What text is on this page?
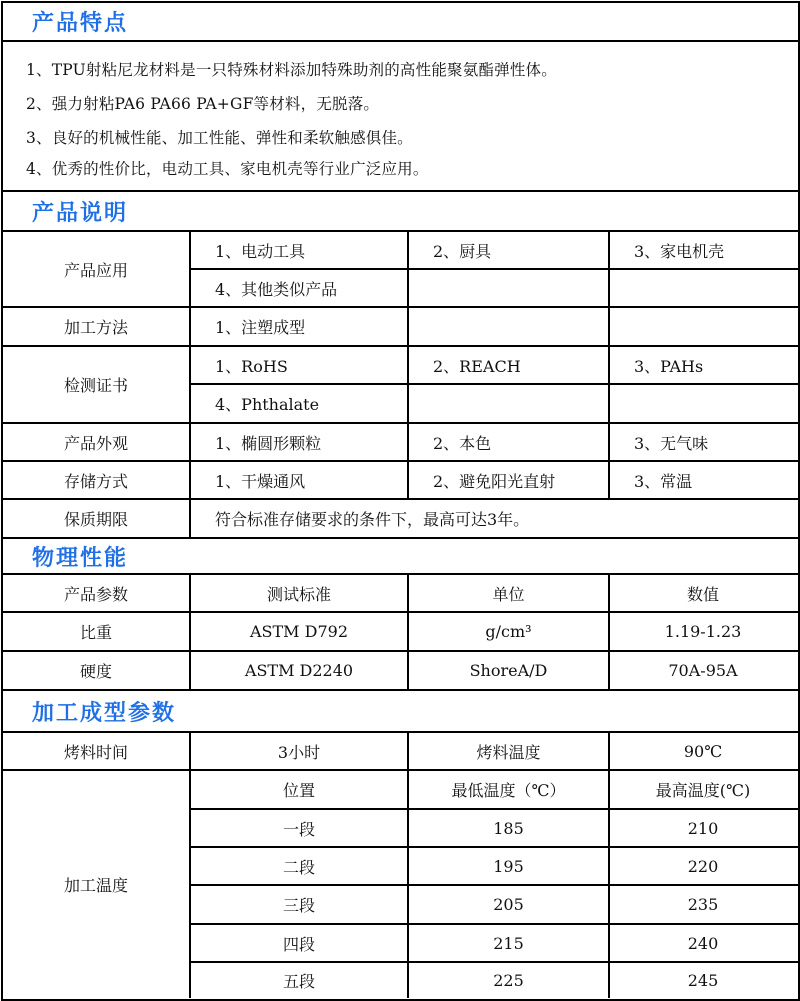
产品特点
1、TPU射粘尼龙材料是一只特殊材料添加特殊助剂的高性能聚氨酯弹性体。
2、强力射粘PA6 PA66 PA+GF等材料，无脱落。
3、良好的机械性能、加工性能、弹性和柔软触感俱佳。
4、优秀的性价比，电动工具、家电机壳等行业广泛应用。
产品说明
产品应用
1、电动工具	2、厨具	3、家电机壳
4、其他类似产品
加工方法	1、注塑成型
检测证书
1、RoHS	2、REACH	3、PAHs
4、Phthalate
产品外观	1、椭圆形颗粒	2、本色	3、无气味
存储方式	1、干燥通风	2、避免阳光直射	3、常温
保质期限	符合标准存储要求的条件下，最高可达3年。
物理性能
产品参数	测试标准	单位	数值
比重	ASTM D792	g/cm³	1.19-1.23
硬度	ASTM D2240	ShoreA/D	70A-95A
加工成型参数
烤料时间	3小时	烤料温度	90℃
加工温度
位置	最低温度（℃）	最高温度(℃)
一段	185	210
二段	195	220
三段	205	235
四段	215	240
五段	225	245
